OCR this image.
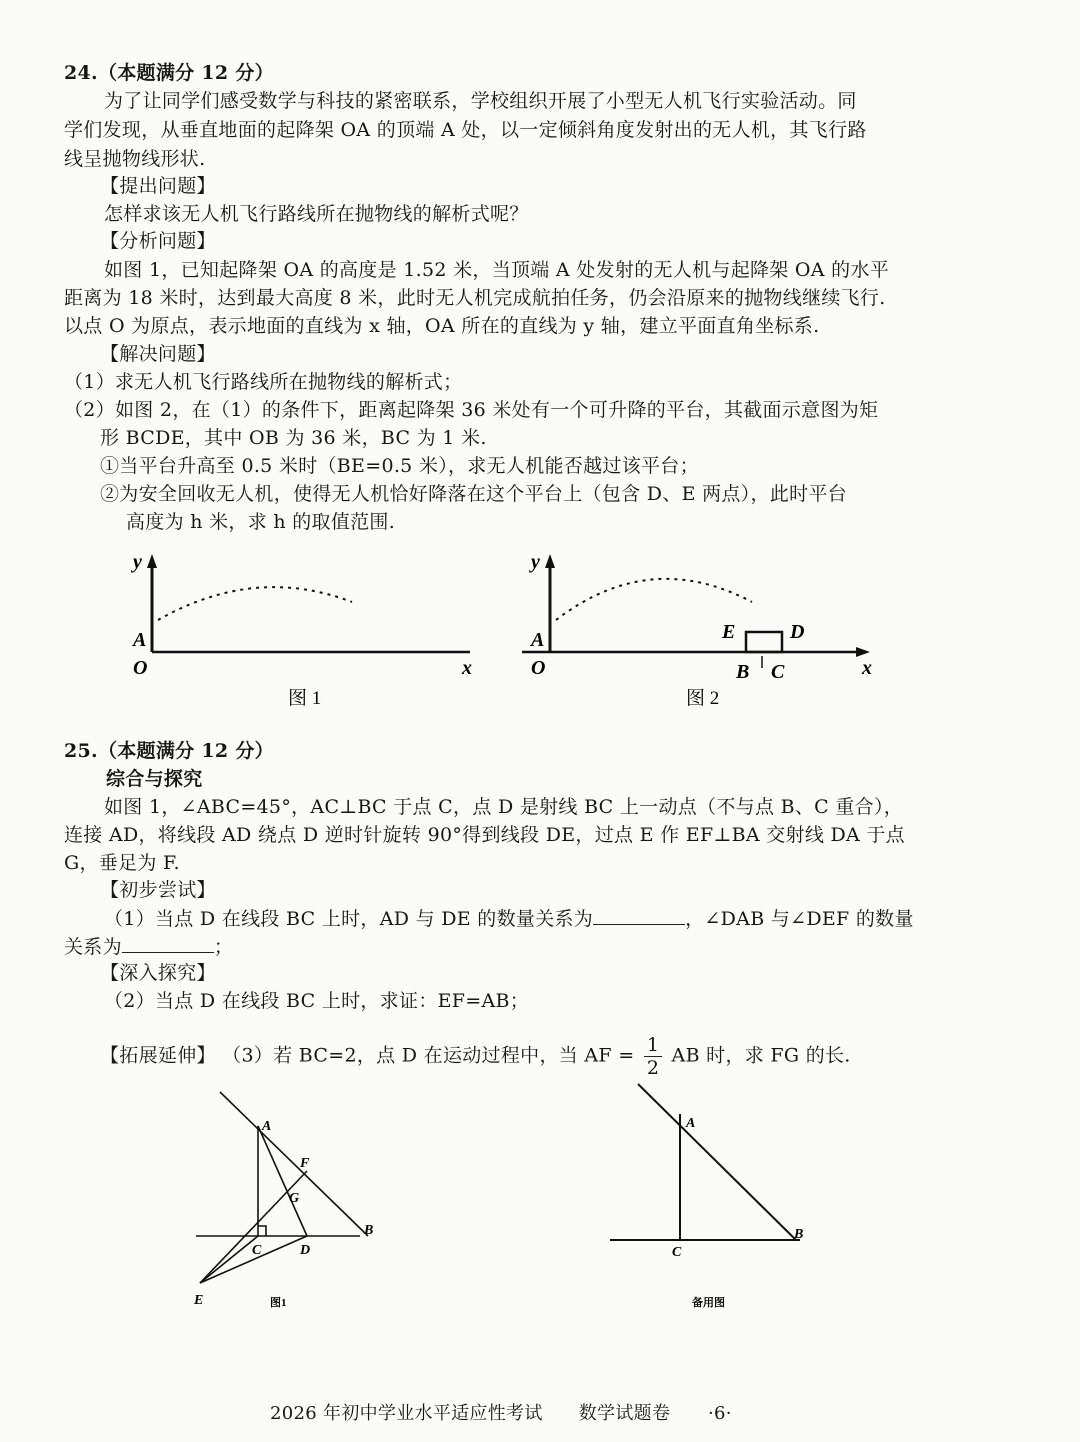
24.（本题满分 12 分）
为了让同学们感受数学与科技的紧密联系，学校组织开展了小型无人机飞行实验活动。同
学们发现，从垂直地面的起降架 OA 的顶端 A 处，以一定倾斜角度发射出的无人机，其飞行路
线呈抛物线形状.
【提出问题】
怎样求该无人机飞行路线所在抛物线的解析式呢？
【分析问题】
如图 1，已知起降架 OA 的高度是 1.52 米，当顶端 A 处发射的无人机与起降架 OA 的水平
距离为 18 米时，达到最大高度 8 米，此时无人机完成航拍任务，仍会沿原来的抛物线继续飞行.
以点 O 为原点，表示地面的直线为 x 轴，OA 所在的直线为 y 轴，建立平面直角坐标系.
【解决问题】
（1）求无人机飞行路线所在抛物线的解析式；
（2）如图 2，在（1）的条件下，距离起降架 36 米处有一个可升降的平台，其截面示意图为矩
形 BCDE，其中 OB 为 36 米，BC 为 1 米.
①当平台升高至 0.5 米时（BE=0.5 米），求无人机能否越过该平台；
②为安全回收无人机，使得无人机恰好降落在这个平台上（包含 D、E 两点），此时平台
高度为 h 米，求 h 的取值范围.
25.（本题满分 12 分）
综合与探究
如图 1，∠ABC=45°，AC⊥BC 于点 C，点 D 是射线 BC 上一动点（不与点 B、C 重合），
连接 AD，将线段 AD 绕点 D 逆时针旋转 90°得到线段 DE，过点 E 作 EF⊥BA 交射线 DA 于点
G，垂足为 F.
【初步尝试】
（1）当点 D 在线段 BC 上时，AD 与 DE 的数量关系为	，∠DAB 与∠DEF 的数量
关系为	；
【深入探究】
（2）当点 D 在线段 BC 上时，求证：EF=AB；
【拓展延伸】 （3）若 BC=2，点 D 在运动过程中，当 AF = $\frac{1}{2}$ AB 时，求 FG 的长.
y
A
O	x
图 1
y
A
O	x
E	D
B C
图 2
A
F
G
C	D
B
E	图1
A
C
B
备用图
2026 年初中学业水平适应性考试      数学试题卷 ·6·
